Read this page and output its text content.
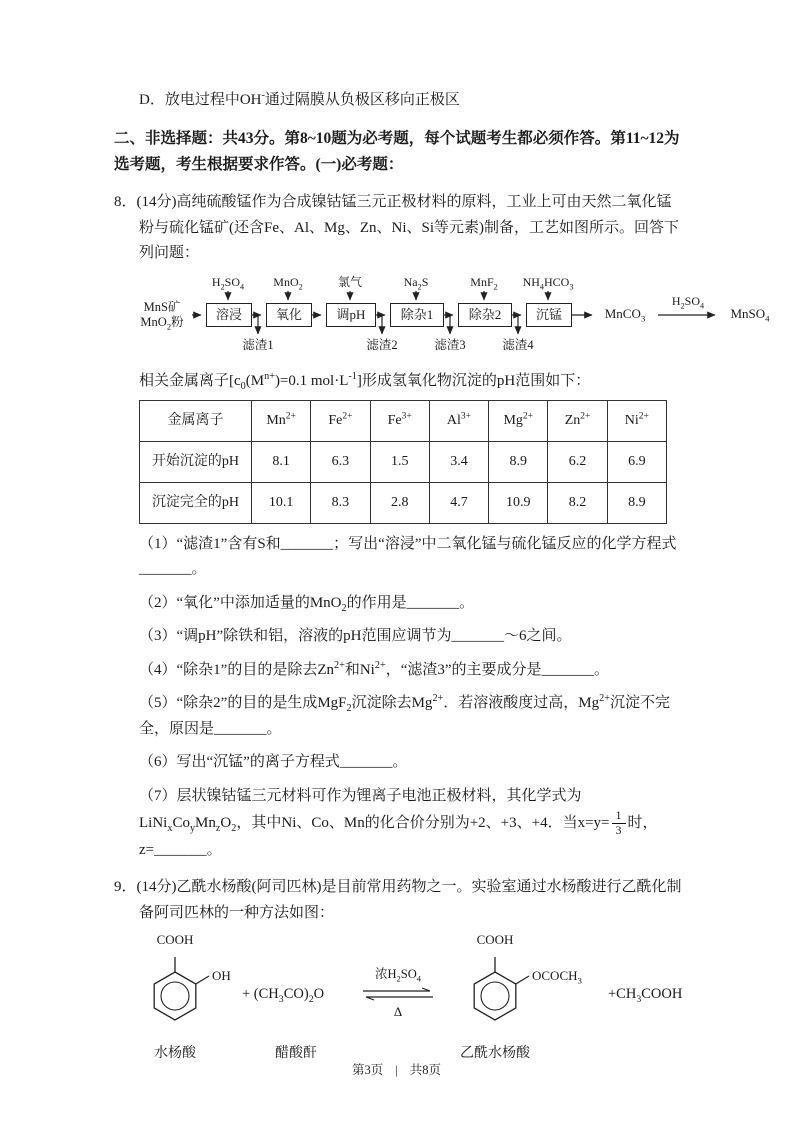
D．放电过程中OH-通过隔膜从负极区移向正极区

二、非选择题：共43分。第8~10题为必考题，每个试题考生都必须作答。第11~12为选考题，考生根据要求作答。(一)必考题：

8．(14分)高纯硫酸锰作为合成镍钴锰三元正极材料的原料，工业上可由天然二氧化锰粉与硫化锰矿(还含Fe、Al、Mg、Zn、Ni、Si等元素)制备，工艺如图所示。回答下列问题：

MnS矿
MnO$_2$粉
$H_2SO_4$	MnO$_2$	氯气	$Na_2S$	MnF$_2$	$NH_4HCO_3$
溶浸	氧化	调pH	除杂1	除杂2	沉锰	MnCO$_3$
$H_2SO_4$
MnSO$_4$
滤渣1	滤渣2	滤渣3	滤渣4

相关金属离子[$c_0(M^{n+})=0.1$ $mol\cdot L^{-1}$]形成氢氧化物沉淀的pH范围如下：

金属离子	$Mn^{2+}$	$Fe^{2+}$	$Fe^{3+}$	$Al^{3+}$	$Mg^{2+}$	$Zn^{2+}$	$Ni^{2+}$
开始沉淀的pH	8.1	6.3	1.5	3.4	8.9	6.2	6.9
沉淀完全的pH	10.1	8.3	2.8	4.7	10.9	8.2	8.9

（1）“滤渣1”含有S和_______；写出“溶浸”中二氧化锰与硫化锰反应的化学方程式_______。

（2）“氧化”中添加适量的MnO$_2$的作用是_______。

（3）“调pH”除铁和铝，溶液的pH范围应调节为_______～6之间。

（4）“除杂1”的目的是除去$Zn^{2+}$和$Ni^{2+}$，“滤渣3”的主要成分是_______。

（5）“除杂2”的目的是生成MgF$_2$沉淀除去$Mg^{2+}$．若溶液酸度过高，$Mg^{2+}$沉淀不完全，原因是_______。

（6）写出“沉锰”的离子方程式_______。

（7）层状镍钴锰三元材料可作为锂离子电池正极材料，其化学式为$LiNi_xCo_yMn_zO_2$，其中Ni、Co、Mn的化合价分别为+2、+3、+4．当$x=y= \frac{1}{3}$ 时，z=_______。

9．(14分)乙酰水杨酸(阿司匹林)是目前常用药物之一。实验室通过水杨酸进行乙酰化制备阿司匹林的一种方法如图：

COOH
OH
水杨酸
+ $(CH_3CO)_2O$
醋酸酐
浓$H_2SO_4$
Δ
COOH
$OCOCH_3$
乙酰水杨酸
$+CH_3COOH$
第3页 | 共8页
